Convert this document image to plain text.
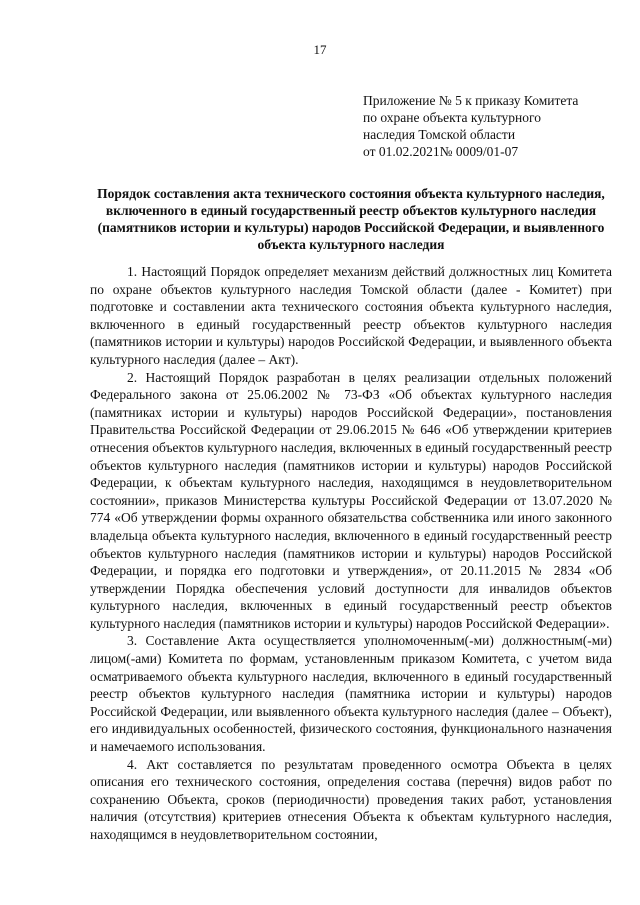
17
Приложение № 5 к приказу Комитета
по охране объекта культурного
наследия Томской области
от 01.02.2021№ 0009/01-07
Порядок составления акта технического состояния объекта культурного наследия, включенного в единый государственный реестр объектов культурного наследия (памятников истории и культуры) народов Российской Федерации, и выявленного объекта культурного наследия

1. Настоящий Порядок определяет механизм действий должностных лиц Комитета по охране объектов культурного наследия Томской области (далее - Комитет) при подготовке и составлении акта технического состояния объекта культурного наследия, включенного в единый государственный реестр объектов культурного наследия (памятников истории и культуры) народов Российской Федерации, и выявленного объекта культурного наследия (далее – Акт).

2. Настоящий Порядок разработан в целях реализации отдельных положений Федерального закона от 25.06.2002 № 73-ФЗ «Об объектах культурного наследия (памятниках истории и культуры) народов Российской Федерации», постановления Правительства Российской Федерации от 29.06.2015 № 646 «Об утверждении критериев отнесения объектов культурного наследия, включенных в единый государственный реестр объектов культурного наследия (памятников истории и культуры) народов Российской Федерации, к объектам культурного наследия, находящимся в неудовлетворительном состоянии», приказов Министерства культуры Российской Федерации от 13.07.2020 № 774 «Об утверждении формы охранного обязательства собственника или иного законного владельца объекта культурного наследия, включенного в единый государственный реестр объектов культурного наследия (памятников истории и культуры) народов Российской Федерации, и порядка его подготовки и утверждения», от 20.11.2015 № 2834 «Об утверждении Порядка обеспечения условий доступности для инвалидов объектов культурного наследия, включенных в единый государственный реестр объектов культурного наследия (памятников истории и культуры) народов Российской Федерации».

3. Составление Акта осуществляется уполномоченным(-ми) должностным(-ми) лицом(-ами) Комитета по формам, установленным приказом Комитета, с учетом вида осматриваемого объекта культурного наследия, включенного в единый государственный реестр объектов культурного наследия (памятника истории и культуры) народов Российской Федерации, или выявленного объекта культурного наследия (далее – Объект), его индивидуальных особенностей, физического состояния, функционального назначения и намечаемого использования.

4. Акт составляется по результатам проведенного осмотра Объекта в целях описания его технического состояния, определения состава (перечня) видов работ по сохранению Объекта, сроков (периодичности) проведения таких работ, установления наличия (отсутствия) критериев отнесения Объекта к объектам культурного наследия, находящимся в неудовлетворительном состоянии,
